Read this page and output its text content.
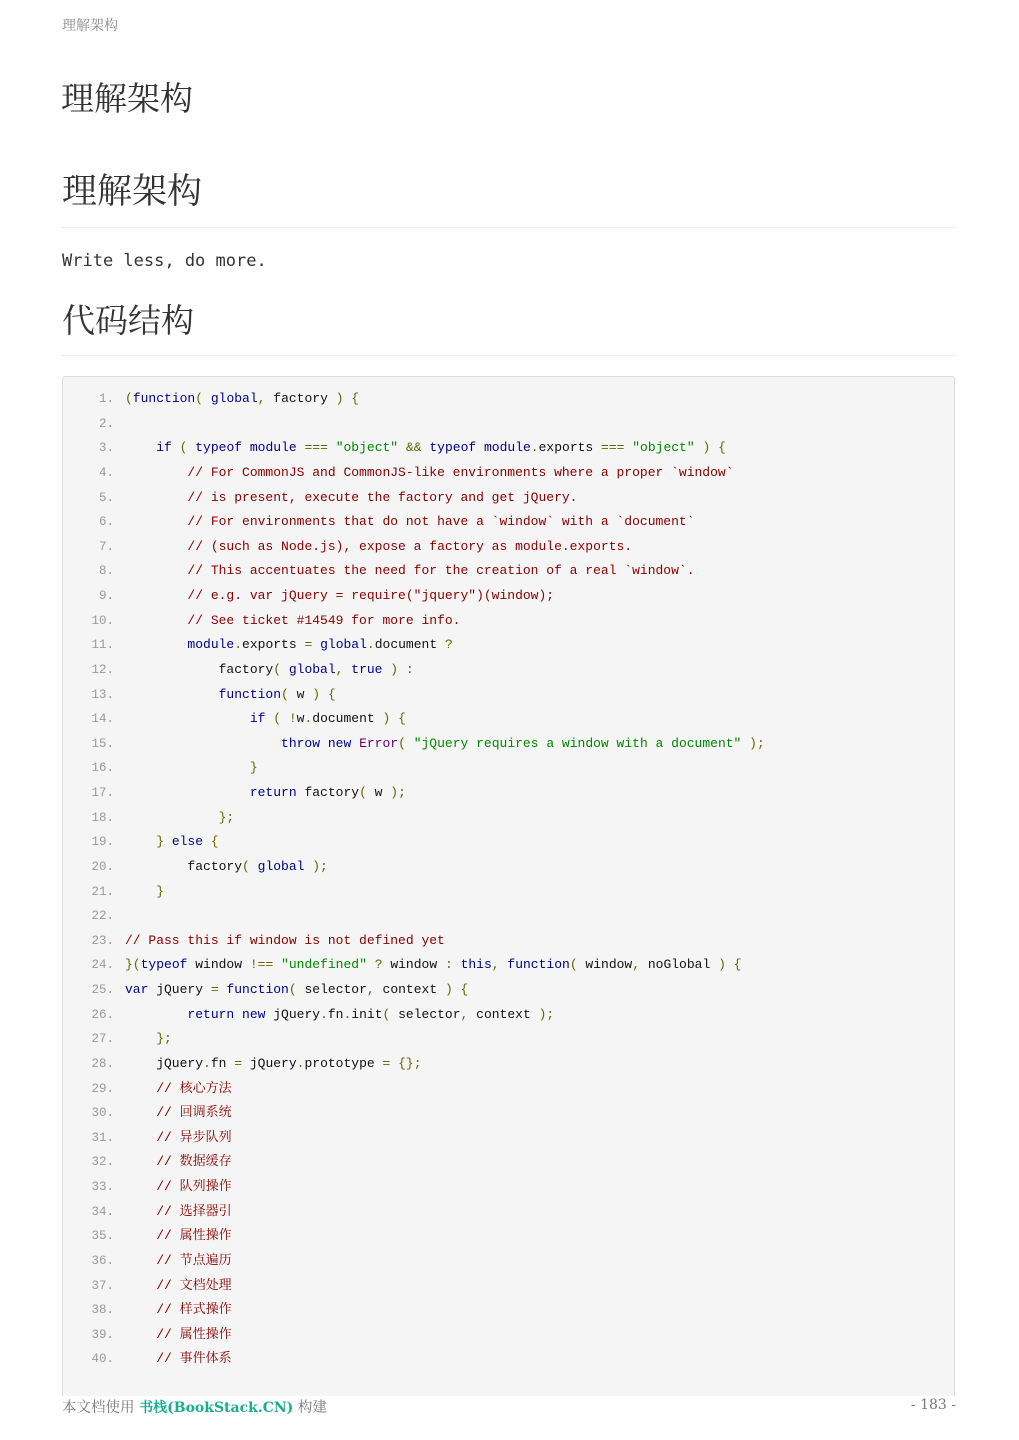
理解架构
理解架构
理解架构
Write less, do more.
代码结构
1. (function( global, factory ) {
2.
3.	if ( typeof module === "object" && typeof module.exports === "object" ) {
4.	// For CommonJS and CommonJS-like environments where a proper `window`
5.	// is present, execute the factory and get jQuery.
6.	// For environments that do not have a `window` with a `document`
7.	// (such as Node.js), expose a factory as module.exports.
8.	// This accentuates the need for the creation of a real `window`.
9.	// e.g. var jQuery = require("jquery")(window);
10.	// See ticket #14549 for more info.
11.	module.exports = global.document ?
12.            factory( global, true ) :
13.	function( w ) {
14.	if ( !w.document ) {
15.	throw new Error( "jQuery requires a window with a document" );
16.	}
17.	return factory( w );
18.	};
19.	} else {
20.        factory( global );
21.	}
22.
23. // Pass this if window is not defined yet
24. }(typeof window !== "undefined" ? window : this, function( window, noGlobal ) {
25. var jQuery = function( selector, context ) {
26.	return new jQuery.fn.init( selector, context );
27.	};
28.    jQuery.fn = jQuery.prototype = {};
29.	// 核心方法
30.	// 回调系统
31.	// 异步队列
32.	// 数据缓存
33.	// 队列操作
34.	// 选择器引
35.	// 属性操作
36.	// 节点遍历
37.	// 文档处理
38.	// 样式操作
39.	// 属性操作
40.	// 事件体系
本文档使用 书栈(BookStack.CN) 构建	- 183 -
